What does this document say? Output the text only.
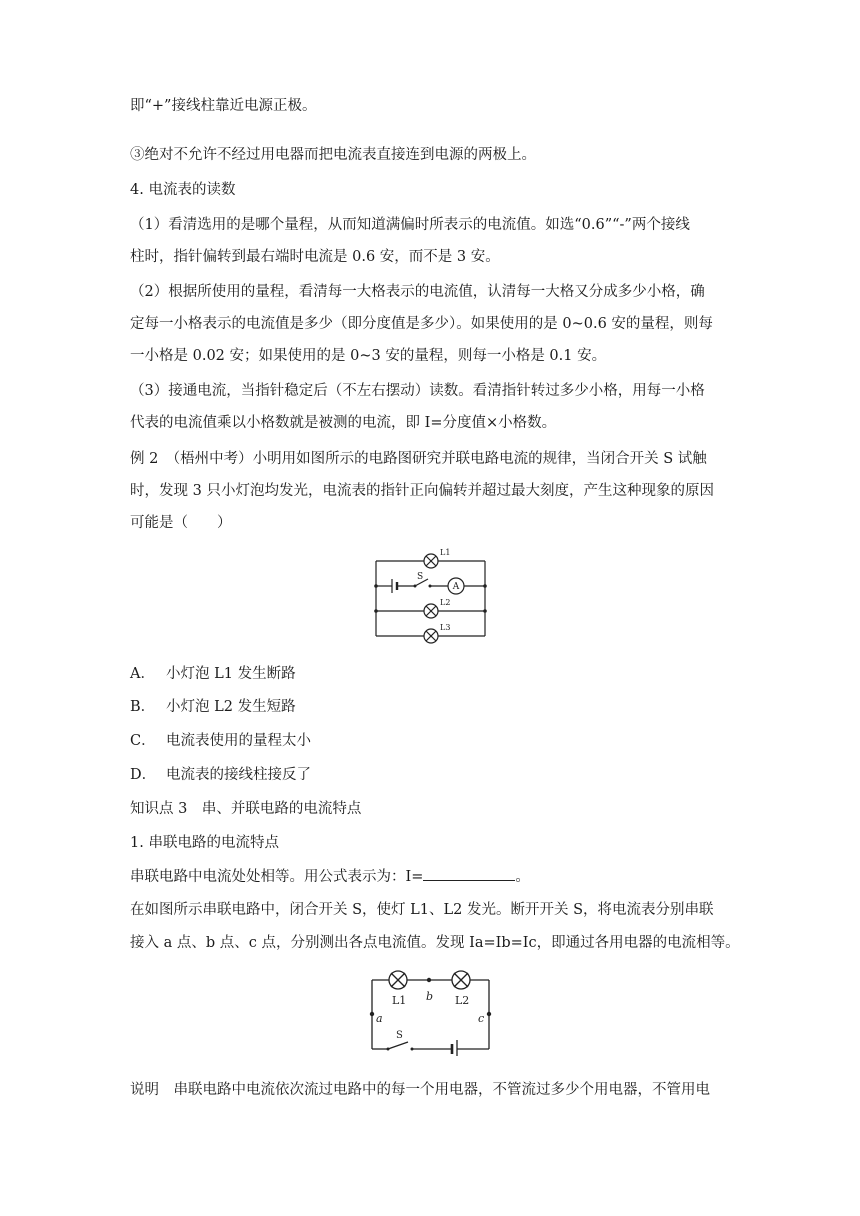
即“+”接线柱靠近电源正极。
③绝对不允许不经过用电器而把电流表直接连到电源的两极上。
4. 电流表的读数
（1）看清选用的是哪个量程，从而知道满偏时所表示的电流值。如选“0.6”“-”两个接线
柱时，指针偏转到最右端时电流是 0.6 安，而不是 3 安。
（2）根据所使用的量程，看清每一大格表示的电流值，认清每一大格又分成多少小格，确
定每一小格表示的电流值是多少（即分度值是多少）。如果使用的是 0~0.6 安的量程，则每
一小格是 0.02 安；如果使用的是 0~3 安的量程，则每一小格是 0.1 安。
（3）接通电流，当指针稳定后（不左右摆动）读数。看清指针转过多少小格，用每一小格
代表的电流值乘以小格数就是被测的电流，即 I=分度值×小格数。
例 2　（梧州中考）小明用如图所示的电路图研究并联电路电流的规律，当闭合开关 S 试触
时，发现 3 只小灯泡均发光，电流表的指针正向偏转并超过最大刻度，产生这种现象的原因
可能是（　　）
L1
L2
L3
S
A
A． 小灯泡 L1 发生断路
B． 小灯泡 L2 发生短路
C． 电流表使用的量程太小
D． 电流表的接线柱接反了
知识点 3　串、并联电路的电流特点
1. 串联电路的电流特点
串联电路中电流处处相等。用公式表示为：I=	。
在如图所示串联电路中，闭合开关 S，使灯 L1、L2 发光。断开开关 S，将电流表分别串联
接入 a 点、b 点、c 点，分别测出各点电流值。发现 Ia=Ib=Ic，即通过各用电器的电流相等。
L1	L2
b
a	c
S
说明　串联电路中电流依次流过电路中的每一个用电器，不管流过多少个用电器，不管用电
